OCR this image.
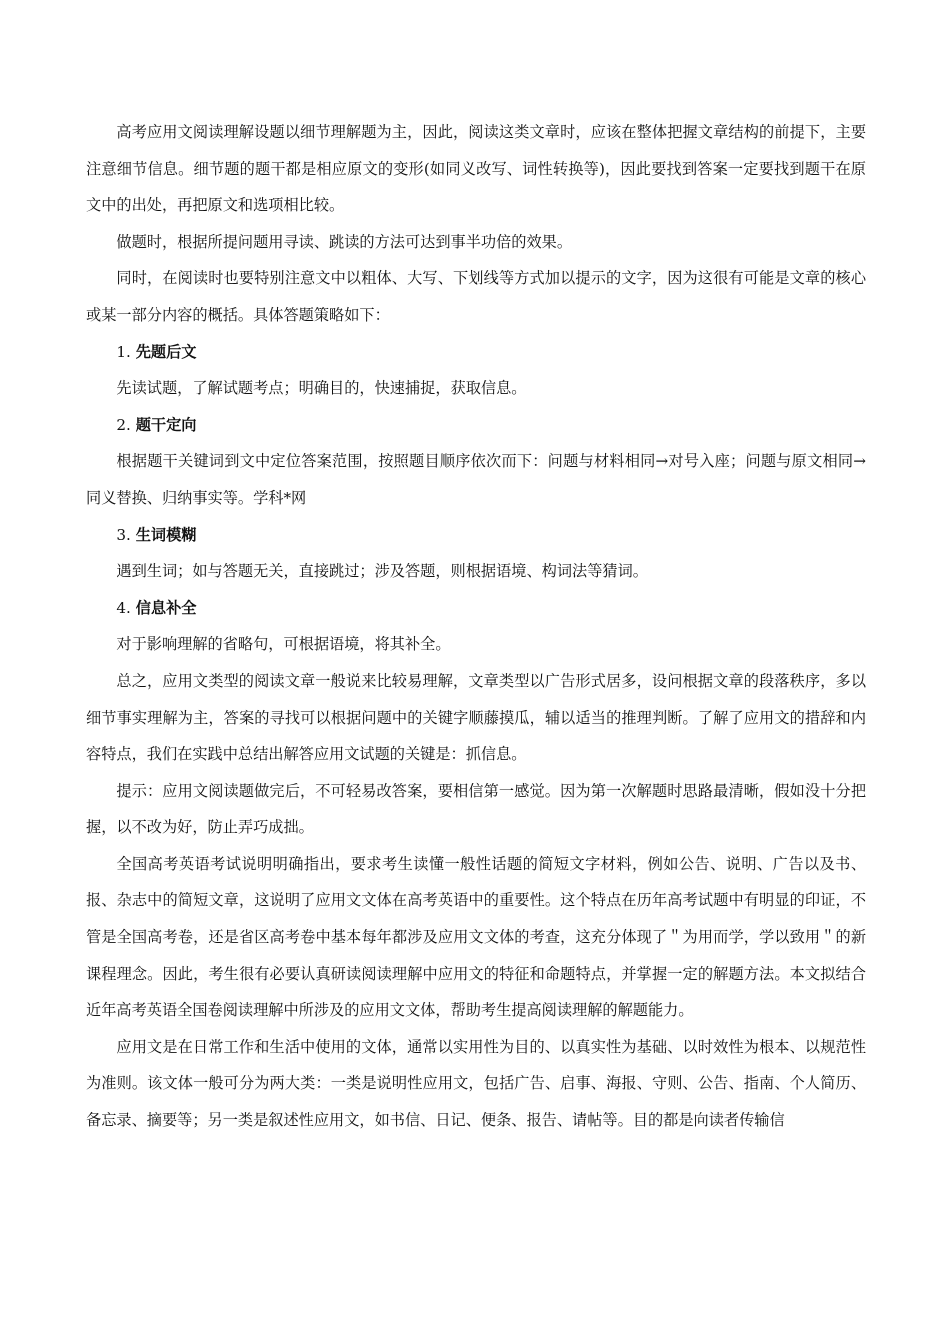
高考应用文阅读理解设题以细节理解题为主，因此，阅读这类文章时，应该在整体把握文章结构的前提下，主要注意细节信息。细节题的题干都是相应原文的变形(如同义改写、词性转换等)，因此要找到答案一定要找到题干在原文中的出处，再把原文和选项相比较。

做题时，根据所提问题用寻读、跳读的方法可达到事半功倍的效果。

同时，在阅读时也要特别注意文中以粗体、大写、下划线等方式加以提示的文字，因为这很有可能是文章的核心或某一部分内容的概括。具体答题策略如下：

1. 先题后文

先读试题，了解试题考点；明确目的，快速捕捉，获取信息。

2. 题干定向

根据题干关键词到文中定位答案范围，按照题目顺序依次而下：问题与材料相同→对号入座；问题与原文相同→同义替换、归纳事实等。学科*网

3. 生词模糊

遇到生词；如与答题无关，直接跳过；涉及答题，则根据语境、构词法等猜词。

4. 信息补全

对于影响理解的省略句，可根据语境，将其补全。

总之，应用文类型的阅读文章一般说来比较易理解，文章类型以广告形式居多，设问根据文章的段落秩序，多以细节事实理解为主，答案的寻找可以根据问题中的关键字顺藤摸瓜，辅以适当的推理判断。了解了应用文的措辞和内容特点，我们在实践中总结出解答应用文试题的关键是：抓信息。

提示：应用文阅读题做完后，不可轻易改答案，要相信第一感觉。因为第一次解题时思路最清晰，假如没十分把握，以不改为好，防止弄巧成拙。

全国高考英语考试说明明确指出，要求考生读懂一般性话题的简短文字材料，例如公告、说明、广告以及书、报、杂志中的简短文章，这说明了应用文文体在高考英语中的重要性。这个特点在历年高考试题中有明显的印证，不管是全国高考卷，还是省区高考卷中基本每年都涉及应用文文体的考查，这充分体现了＂为用而学，学以致用＂的新课程理念。因此，考生很有必要认真研读阅读理解中应用文的特征和命题特点，并掌握一定的解题方法。本文拟结合近年高考英语全国卷阅读理解中所涉及的应用文文体，帮助考生提高阅读理解的解题能力。

应用文是在日常工作和生活中使用的文体，通常以实用性为目的、以真实性为基础、以时效性为根本、以规范性为准则。该文体一般可分为两大类：一类是说明性应用文，包括广告、启事、海报、守则、公告、指南、个人简历、备忘录、摘要等；另一类是叙述性应用文，如书信、日记、便条、报告、请帖等。目的都是向读者传输信
